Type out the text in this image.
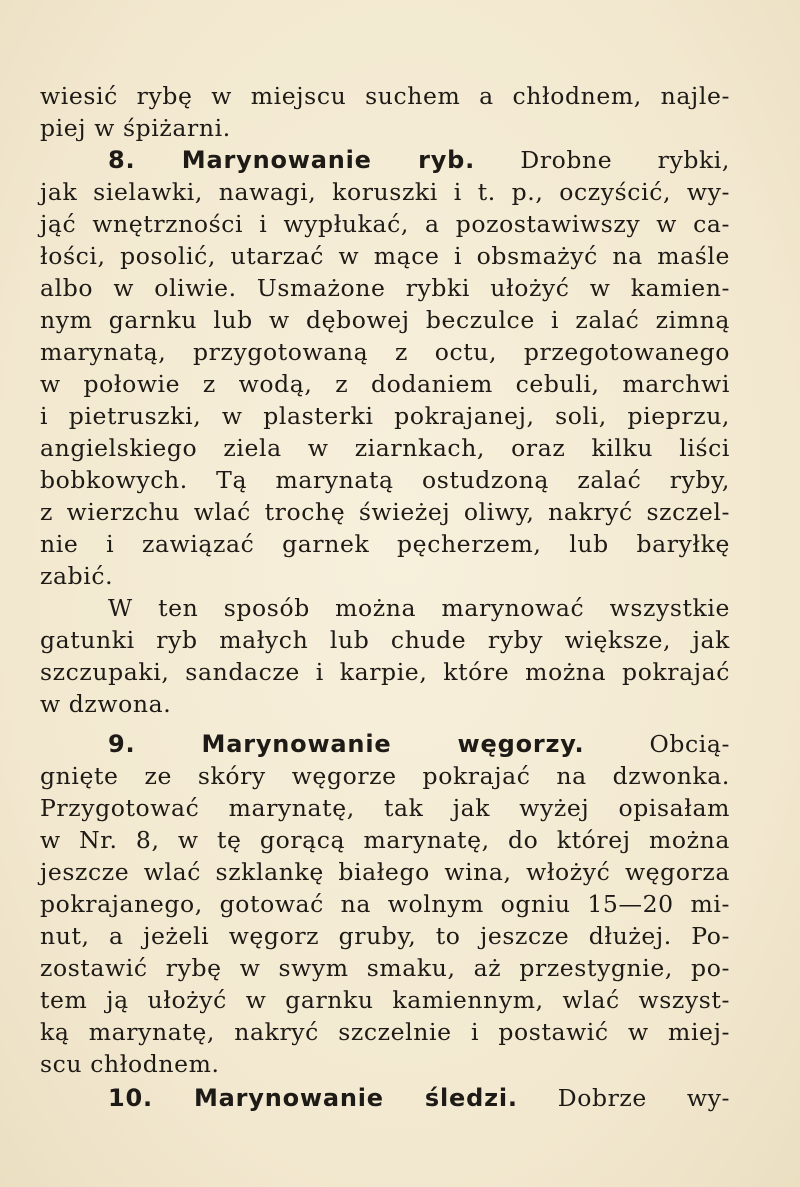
wiesić rybę w miejscu suchem a chłodnem, najle-
piej w śpiżarni.
8. Marynowanie ryb. Drobne rybki,
jak sielawki, nawagi, koruszki i t. p., oczyścić, wy-
jąć wnętrzności i wypłukać, a pozostawiwszy w ca-
łości, posolić, utarzać w mące i obsmażyć na maśle
albo w oliwie. Usmażone rybki ułożyć w kamien-
nym garnku lub w dębowej beczulce i zalać zimną
marynatą, przygotowaną z octu, przegotowanego
w połowie z wodą, z dodaniem cebuli, marchwi
i pietruszki, w plasterki pokrajanej, soli, pieprzu,
angielskiego ziela w ziarnkach, oraz kilku liści
bobkowych. Tą marynatą ostudzoną zalać ryby,
z wierzchu wlać trochę świeżej oliwy, nakryć szczel-
nie i zawiązać garnek pęcherzem, lub baryłkę
zabić.
W ten sposób można marynować wszystkie
gatunki ryb małych lub chude ryby większe, jak
szczupaki, sandacze i karpie, które można pokrajać
w dzwona.
9. Marynowanie węgorzy.	Obcią-
gnięte ze skóry węgorze pokrajać na dzwonka.
Przygotować marynatę, tak jak wyżej opisałam
w Nr. 8, w tę gorącą marynatę, do której można
jeszcze wlać szklankę białego wina, włożyć węgorza
pokrajanego, gotować na wolnym ogniu 15—20 mi-
nut, a jeżeli węgorz gruby, to jeszcze dłużej. Po-
zostawić rybę w swym smaku, aż przestygnie, po-
tem ją ułożyć w garnku kamiennym, wlać wszyst-
ką marynatę, nakryć szczelnie i postawić w miej-
scu chłodnem.
10. Marynowanie śledzi. Dobrze wy-
